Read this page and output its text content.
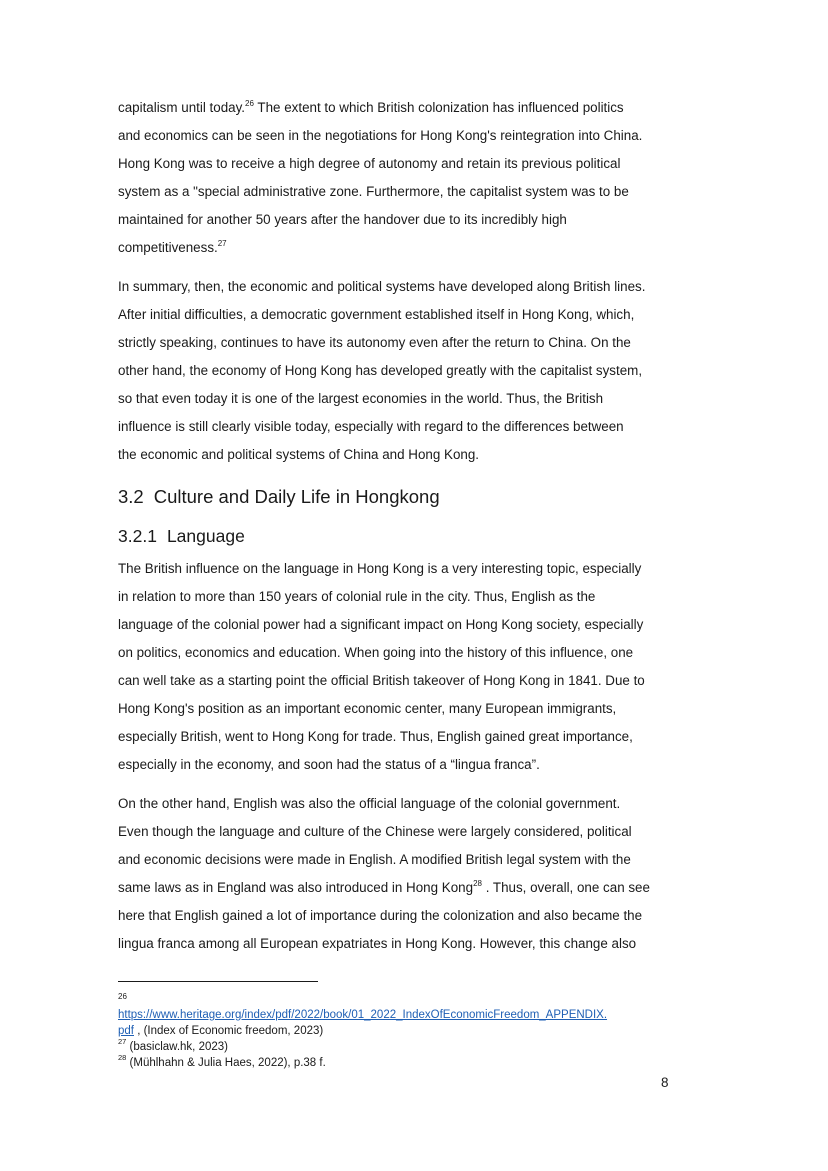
capitalism until today.$^{26}$ The extent to which British colonization has influenced politics
and economics can be seen in the negotiations for Hong Kong's reintegration into China.
Hong Kong was to receive a high degree of autonomy and retain its previous political
system as a "special administrative zone. Furthermore, the capitalist system was to be
maintained for another 50 years after the handover due to its incredibly high
competitiveness.$^{27}$
In summary, then, the economic and political systems have developed along British lines.
After initial difficulties, a democratic government established itself in Hong Kong, which,
strictly speaking, continues to have its autonomy even after the return to China. On the
other hand, the economy of Hong Kong has developed greatly with the capitalist system,
so that even today it is one of the largest economies in the world. Thus, the British
influence is still clearly visible today, especially with regard to the differences between
the economic and political systems of China and Hong Kong.
3.2 Culture and Daily Life in Hongkong
3.2.1 Language
The British influence on the language in Hong Kong is a very interesting topic, especially
in relation to more than 150 years of colonial rule in the city. Thus, English as the
language of the colonial power had a significant impact on Hong Kong society, especially
on politics, economics and education. When going into the history of this influence, one
can well take as a starting point the official British takeover of Hong Kong in 1841. Due to
Hong Kong's position as an important economic center, many European immigrants,
especially British, went to Hong Kong for trade. Thus, English gained great importance,
especially in the economy, and soon had the status of a “lingua franca”.
On the other hand, English was also the official language of the colonial government.
Even though the language and culture of the Chinese were largely considered, political
and economic decisions were made in English. A modified British legal system with the
same laws as in England was also introduced in Hong Kong$^{28}$ . Thus, overall, one can see
here that English gained a lot of importance during the colonization and also became the
lingua franca among all European expatriates in Hong Kong. However, this change also
26
https://www.heritage.org/index/pdf/2022/book/01_2022_IndexOfEconomicFreedom_APPENDIX.
pdf , (Index of Economic freedom, 2023)
$^{27}$ (basiclaw.hk, 2023)
$^{28}$ (Mühlhahn & Julia Haes, 2022), p.38 f.
8
